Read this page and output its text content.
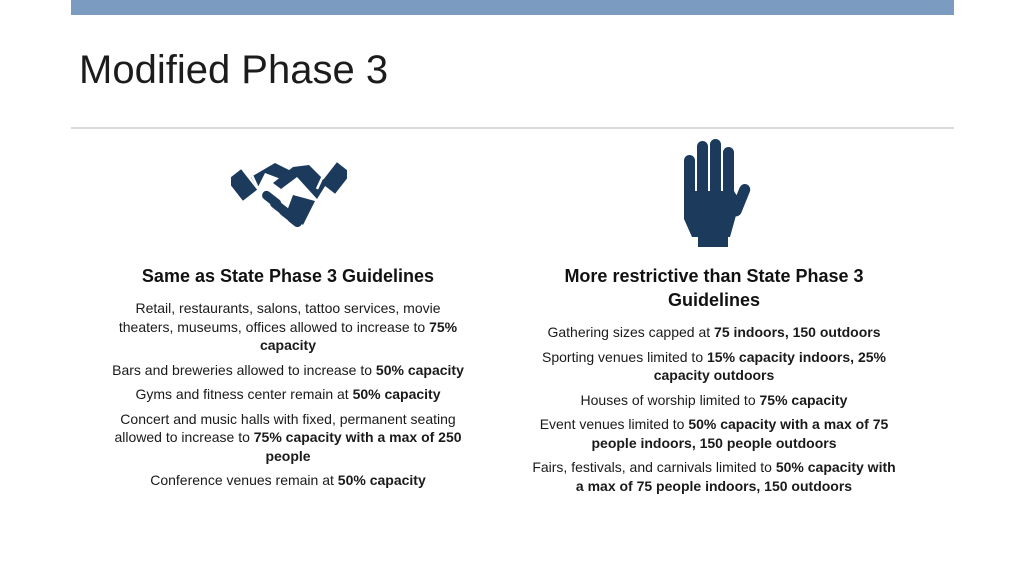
Modified Phase 3

Same as State Phase 3 Guidelines

Retail, restaurants, salons, tattoo services, movie theaters, museums, offices allowed to increase to 75% capacity

Bars and breweries allowed to increase to 50% capacity

Gyms and fitness center remain at 50% capacity

Concert and music halls with fixed, permanent seating allowed to increase to 75% capacity with a max of 250 people

Conference venues remain at 50% capacity

More restrictive than State Phase 3 Guidelines

Gathering sizes capped at 75 indoors, 150 outdoors

Sporting venues limited to 15% capacity indoors, 25% capacity outdoors

Houses of worship limited to 75% capacity

Event venues limited to 50% capacity with a max of 75 people indoors, 150 people outdoors

Fairs, festivals, and carnivals limited to 50% capacity with a max of 75 people indoors, 150 outdoors
